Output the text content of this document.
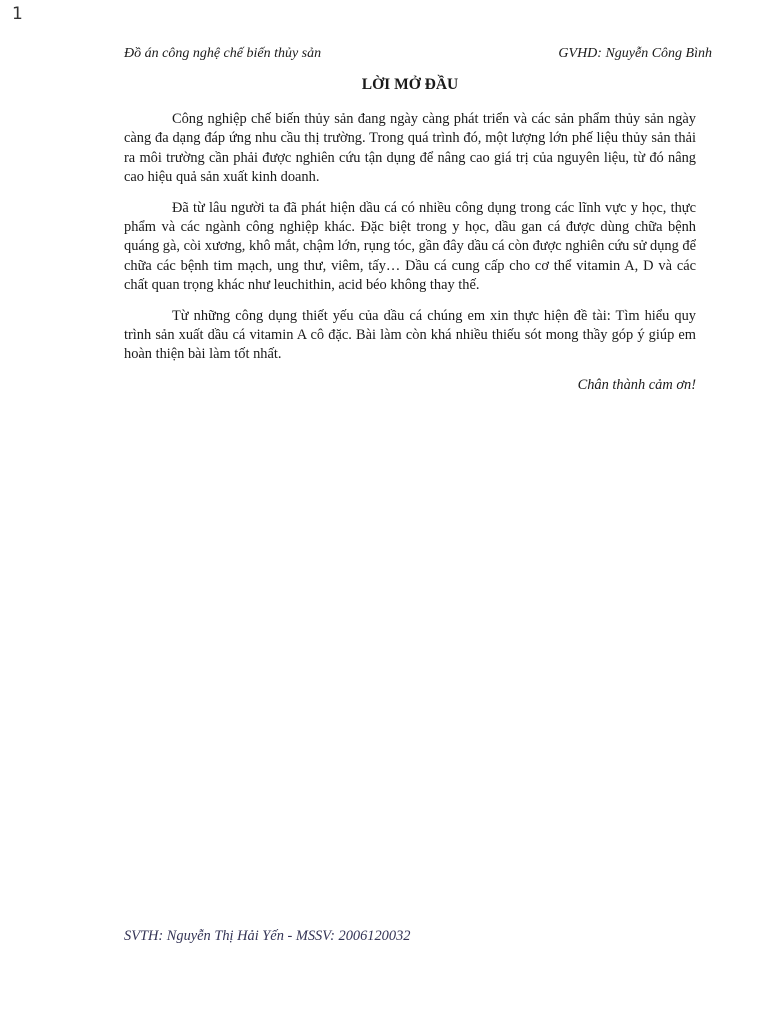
1
Đồ án công nghệ chế biến thủy sản	GVHD: Nguyễn Công Bình
LỜI MỞ ĐẦU

Công nghiệp chế biến thủy sản đang ngày càng phát triển và các sản phẩm thủy sản ngày càng đa dạng đáp ứng nhu cầu thị trường. Trong quá trình đó, một lượng lớn phế liệu thủy sản thải ra môi trường cần phải được nghiên cứu tận dụng để nâng cao giá trị của nguyên liệu, từ đó nâng cao hiệu quả sản xuất kinh doanh.

Đã từ lâu người ta đã phát hiện dầu cá có nhiều công dụng trong các lĩnh vực y học, thực phẩm và các ngành công nghiệp khác. Đặc biệt trong y học, dầu gan cá được dùng chữa bệnh quáng gà, còi xương, khô mắt, chậm lớn, rụng tóc, gần đây dầu cá còn được nghiên cứu sử dụng để chữa các bệnh tim mạch, ung thư, viêm, tấy… Dầu cá cung cấp cho cơ thể vitamin A, D và các chất quan trọng khác như leuchithin, acid béo không thay thế.

Từ những công dụng thiết yếu của dầu cá chúng em xin thực hiện đề tài: Tìm hiểu quy trình sản xuất dầu cá vitamin A cô đặc. Bài làm còn khá nhiều thiếu sót mong thầy góp ý giúp em hoàn thiện bài làm tốt nhất.

Chân thành cảm ơn!
SVTH: Nguyễn Thị Hải Yến - MSSV: 2006120032
